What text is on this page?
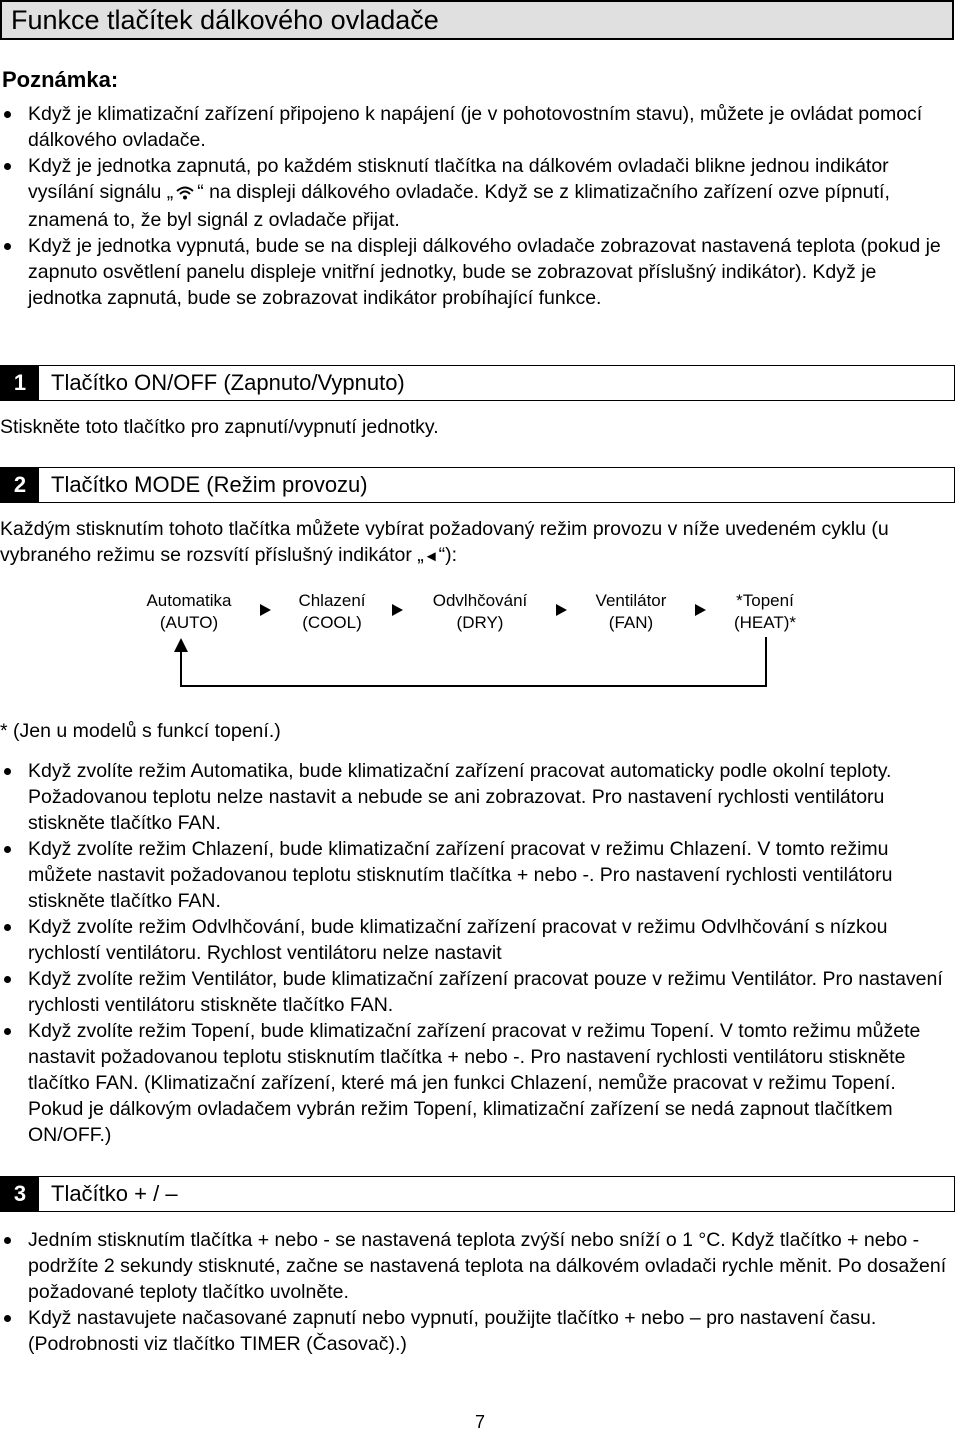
Funkce tlačítek dálkového ovladače
Poznámka:
Když je klimatizační zařízení připojeno k napájení (je v pohotovostním stavu), můžete je ovládat pomocí dálkového ovladače.
Když je jednotka zapnutá, po každém stisknutí tlačítka na dálkovém ovladači blikne jednou indikátor vysílání signálu „ “ na displeji dálkového ovladače. Když se z klimatizačního zařízení ozve pípnutí, znamená to, že byl signál z ovladače přijat.
Když je jednotka vypnutá, bude se na displeji dálkového ovladače zobrazovat nastavená teplota (pokud je zapnuto osvětlení panelu displeje vnitřní jednotky, bude se zobrazovat příslušný indikátor). Když je jednotka zapnutá, bude se zobrazovat indikátor probíhající funkce.
1	Tlačítko ON/OFF (Zapnuto/Vypnuto)
Stiskněte toto tlačítko pro zapnutí/vypnutí jednotky.
2	Tlačítko MODE (Režim provozu)
Každým stisknutím tohoto tlačítka můžete vybírat požadovaný režim provozu v níže uvedeném cyklu (u vybraného režimu se rozsvítí příslušný indikátor „◄“):
Automatika
(AUTO)
Chlazení
(COOL)
Odvlhčování
(DRY)
Ventilátor
(FAN)
*Topení
(HEAT)*
* (Jen u modelů s funkcí topení.)
Když zvolíte režim Automatika, bude klimatizační zařízení pracovat automaticky podle okolní teploty. Požadovanou teplotu nelze nastavit a nebude se ani zobrazovat. Pro nastavení rychlosti ventilátoru stiskněte tlačítko FAN.
Když zvolíte režim Chlazení, bude klimatizační zařízení pracovat v režimu Chlazení. V tomto režimu můžete nastavit požadovanou teplotu stisknutím tlačítka + nebo -. Pro nastavení rychlosti ventilátoru stiskněte tlačítko FAN.
Když zvolíte režim Odvlhčování, bude klimatizační zařízení pracovat v režimu Odvlhčování s nízkou rychlostí ventilátoru. Rychlost ventilátoru nelze nastavit
Když zvolíte režim Ventilátor, bude klimatizační zařízení pracovat pouze v režimu Ventilátor. Pro nastavení rychlosti ventilátoru stiskněte tlačítko FAN.
Když zvolíte režim Topení, bude klimatizační zařízení pracovat v režimu Topení. V tomto režimu můžete nastavit požadovanou teplotu stisknutím tlačítka + nebo -. Pro nastavení rychlosti ventilátoru stiskněte tlačítko FAN. (Klimatizační zařízení, které má jen funkci Chlazení, nemůže pracovat v režimu Topení. Pokud je dálkovým ovladačem vybrán režim Topení, klimatizační zařízení se nedá zapnout tlačítkem ON/OFF.)
3	Tlačítko + / –
Jedním stisknutím tlačítka + nebo - se nastavená teplota zvýší nebo sníží o 1 °C. Když tlačítko + nebo - podržíte 2 sekundy stisknuté, začne se nastavená teplota na dálkovém ovladači rychle měnit. Po dosažení požadované teploty tlačítko uvolněte.
Když nastavujete načasované zapnutí nebo vypnutí, použijte tlačítko + nebo – pro nastavení času. (Podrobnosti viz tlačítko TIMER (Časovač).)
7
